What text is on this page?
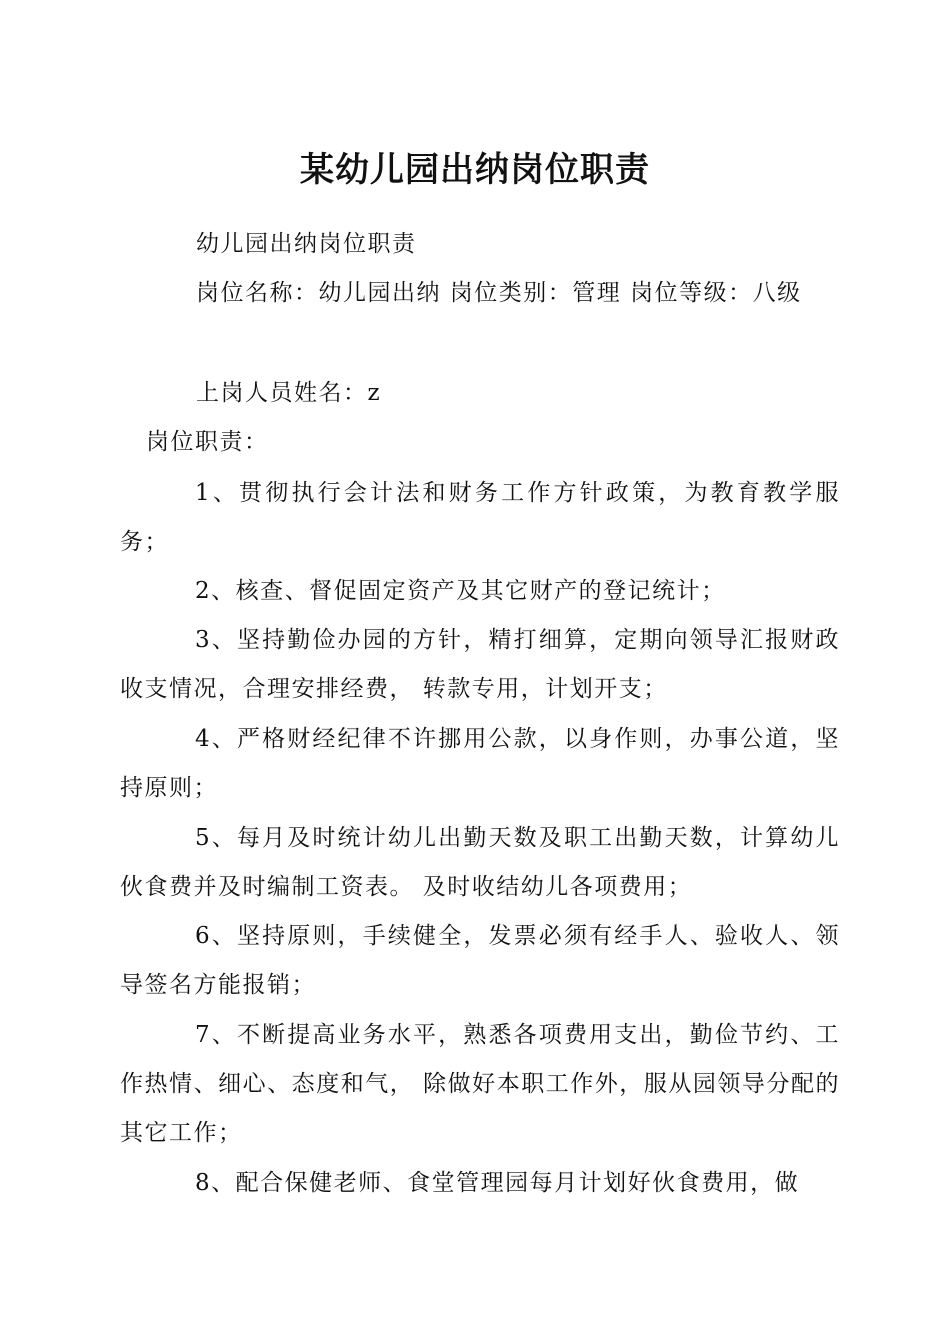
某幼儿园出纳岗位职责
幼儿园出纳岗位职责
岗位名称：幼儿园出纳 岗位类别：管理 岗位等级：八级
上岗人员姓名：z
岗位职责：
1、贯彻执行会计法和财务工作方针政策，为教育教学服务；
2、核查、督促固定资产及其它财产的登记统计；
3、坚持勤俭办园的方针，精打细算，定期向领导汇报财政收支情况，合理安排经费， 转款专用，计划开支；
4、严格财经纪律不许挪用公款，以身作则，办事公道，坚持原则；
5、每月及时统计幼儿出勤天数及职工出勤天数，计算幼儿伙食费并及时编制工资表。 及时收结幼儿各项费用；
6、坚持原则，手续健全，发票必须有经手人、验收人、领导签名方能报销；
7、不断提高业务水平，熟悉各项费用支出，勤俭节约、工作热情、细心、态度和气， 除做好本职工作外，服从园领导分配的其它工作；
8、配合保健老师、食堂管理园每月计划好伙食费用，做
